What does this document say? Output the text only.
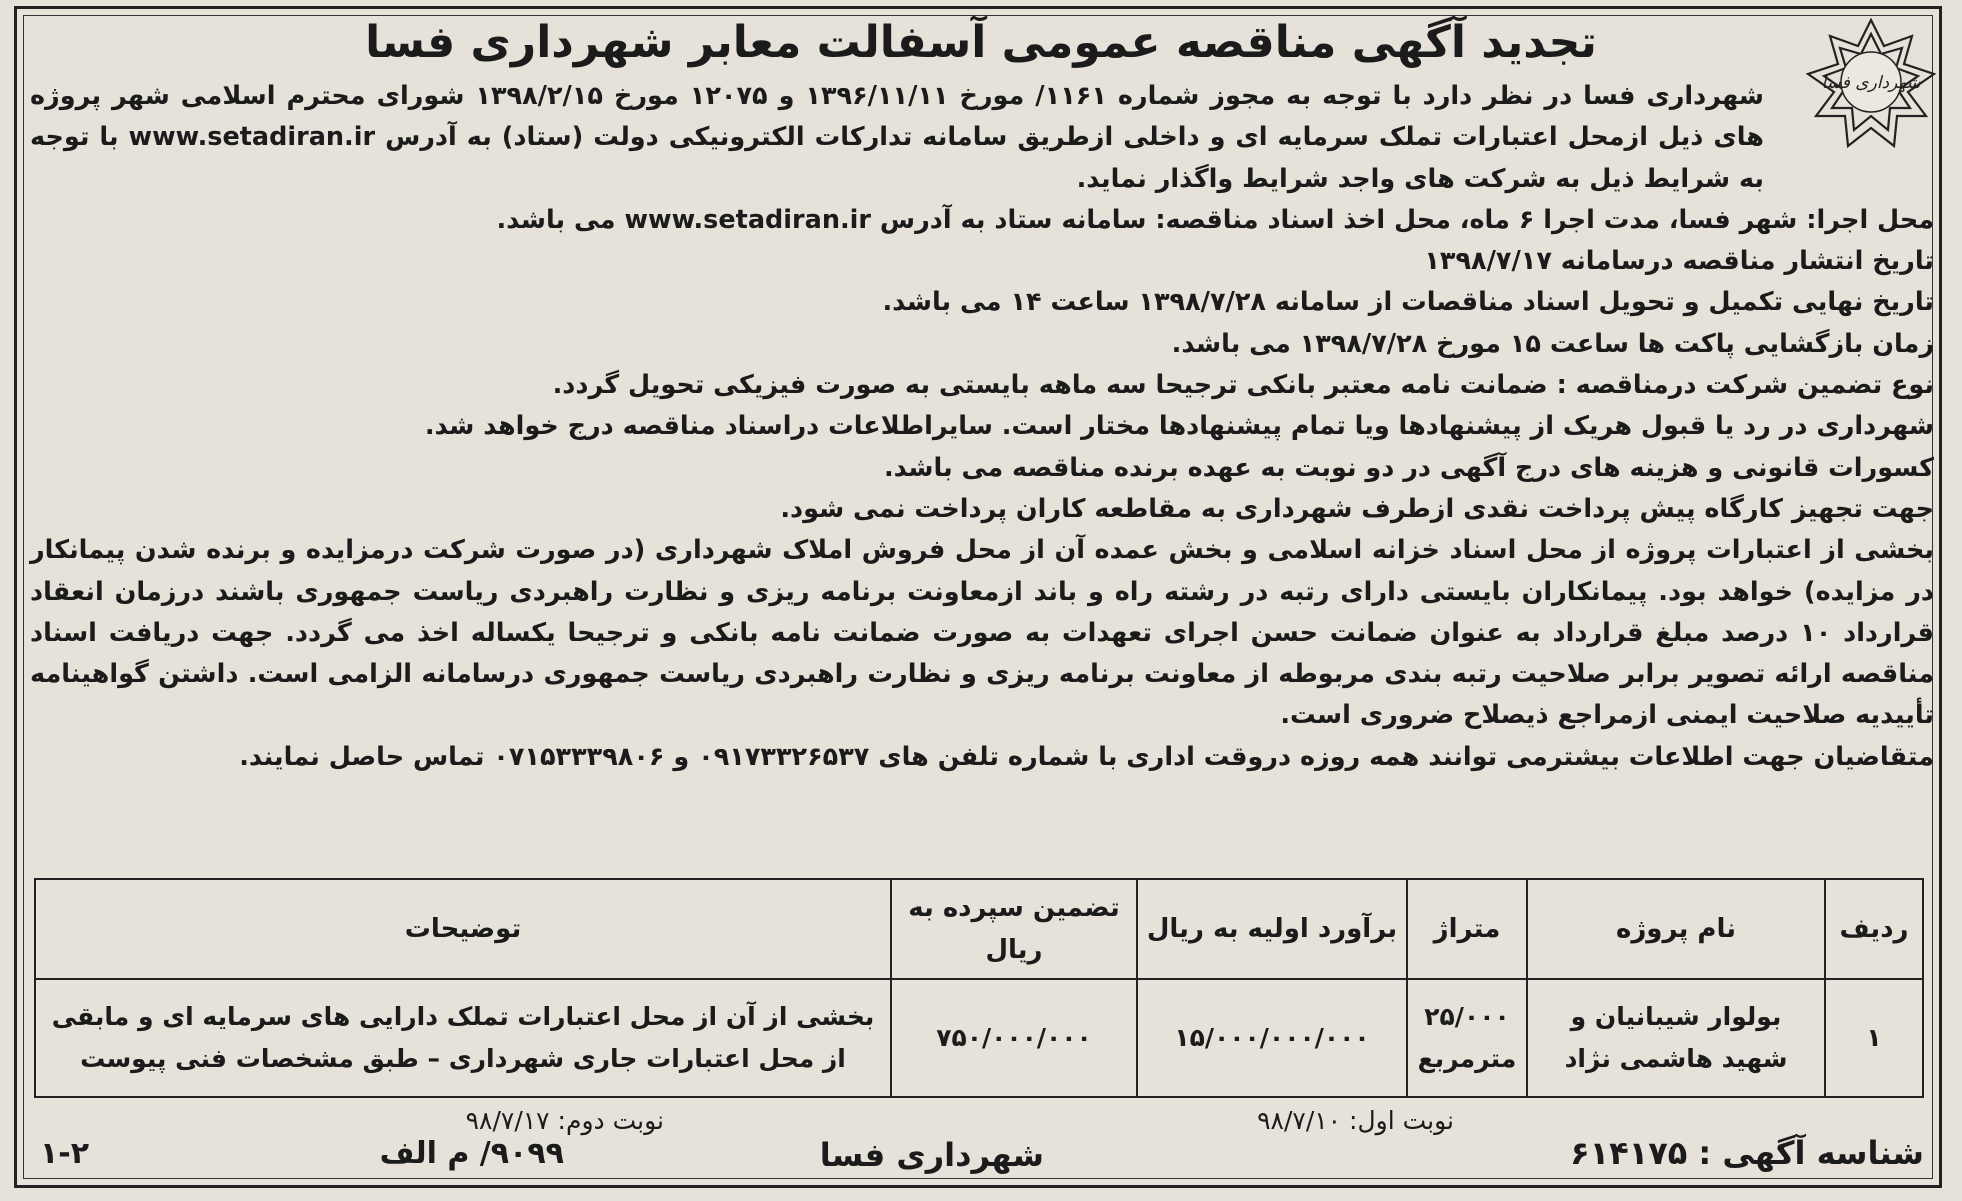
شهرداری فسا
تجدید آگهی مناقصه عمومی آسفالت معابر شهرداری فسا

شهرداری فسا در نظر دارد با توجه به مجوز شماره ۱۱۶۱/ مورخ ۱۳۹۶/۱۱/۱۱ و ۱۲۰۷۵ مورخ ۱۳۹۸/۲/۱۵ شورای محترم اسلامی شهر پروژه های ذیل ازمحل اعتبارات تملک سرمایه ای و داخلی ازطریق سامانه تدارکات الکترونیکی دولت (ستاد) به آدرس www.setadiran.ir با توجه به شرایط ذیل به شرکت های واجد شرایط واگذار نماید.

محل اجرا: شهر فسا، مدت اجرا ۶ ماه، محل اخذ اسناد مناقصه: سامانه ستاد به آدرس www.setadiran.ir می باشد.

تاریخ انتشار مناقصه درسامانه ۱۳۹۸/۷/۱۷

تاریخ نهایی تکمیل و تحویل اسناد مناقصات از سامانه ۱۳۹۸/۷/۲۸ ساعت ۱۴ می باشد.

زمان بازگشایی پاکت ها ساعت ۱۵ مورخ ۱۳۹۸/۷/۲۸ می باشد.

نوع تضمین شرکت درمناقصه : ضمانت نامه معتبر بانکی ترجیحا سه ماهه بایستی به صورت فیزیکی تحویل گردد.

شهرداری در رد یا قبول هریک از پیشنهادها ویا تمام پیشنهادها مختار است. سایراطلاعات دراسناد مناقصه درج خواهد شد.

کسورات قانونی و هزینه های درج آگهی در دو نوبت به عهده برنده مناقصه می باشد.

جهت تجهیز کارگاه پیش پرداخت نقدی ازطرف شهرداری به مقاطعه کاران پرداخت نمی شود.

بخشی از اعتبارات پروژه از محل اسناد خزانه اسلامی و بخش عمده آن از محل فروش املاک شهرداری (در صورت شرکت درمزایده و برنده شدن پیمانکار در مزایده) خواهد بود. پیمانکاران بایستی دارای رتبه در رشته راه و باند ازمعاونت برنامه ریزی و نظارت راهبردی ریاست جمهوری باشند درزمان انعقاد قرارداد ۱۰ درصد مبلغ قرارداد به عنوان ضمانت حسن اجرای تعهدات به صورت ضمانت نامه بانکی و ترجیحا یکساله اخذ می گردد. جهت دریافت اسناد مناقصه ارائه تصویر برابر صلاحیت رتبه بندی مربوطه از معاونت برنامه ریزی و نظارت راهبردی ریاست جمهوری درسامانه الزامی است. داشتن گواهینامه تأییدیه صلاحیت ایمنی ازمراجع ذیصلاح ضروری است.

متقاضیان جهت اطلاعات بیشترمی توانند همه روزه دروقت اداری با شماره تلفن های ۰۹۱۷۳۳۲۶۵۳۷ و ۰۷۱۵۳۳۳۹۸۰۶ تماس حاصل نمایند.

ردیف	نام پروژه	متراژ	برآورد اولیه به ریال	تضمین سپرده به ریال	توضیحات
۱	بولوار شیبانیان و شهید هاشمی نژاد	۲۵/۰۰۰ مترمربع	۱۵/۰۰۰/۰۰۰/۰۰۰	۷۵۰/۰۰۰/۰۰۰	بخشی از آن از محل اعتبارات تملک دارایی های سرمایه ای و مابقی از محل اعتبارات جاری شهرداری – طبق مشخصات فنی پیوست
شناسه آگهی : ۶۱۴۱۷۵
نوبت اول: ۹۸/۷/۱۰
شهرداری فسا
نوبت دوم: ۹۸/۷/۱۷
۹۰۹۹/ م الف
۱-۲
